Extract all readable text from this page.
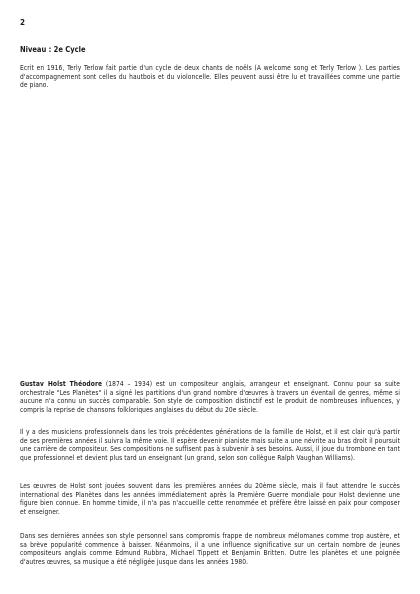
2
Niveau : 2e Cycle

Ecrit en 1916, Terly Terlow fait partie d'un cycle de deux chants de noëls (A welcome song et Terly Terlow ). Les parties d'accompagnement sont celles du hautbois et du violoncelle. Elles peuvent aussi être lu et travaillées comme une partie de piano.

Gustav Holst Théodore (1874 – 1934) est un compositeur anglais, arrangeur et enseignant. Connu pour sa suite orchestrale "Les Planètes" il a signé les partitions d'un grand nombre d'œuvres à travers un éventail de genres, même si aucune n'a connu un succès comparable. Son style de composition distinctif est le produit de nombreuses influences, y compris la reprise de chansons folkloriques anglaises du début du 20e siècle.

Il y a des musiciens professionnels dans les trois précédentes générations de la famille de Holst, et il est clair qu'à partir de ses premières années il suivra la même voie. Il espère devenir pianiste mais suite a une névrite au bras droit il poursuit une carrière de compositeur. Ses compositions ne suffisent pas à subvenir à ses besoins. Aussi, il joue du trombone en tant que professionnel et devient plus tard un enseignant (un grand, selon son collègue Ralph Vaughan Williams).

Les œuvres de Holst sont jouées souvent dans les premières années du 20ème siècle, mais il faut attendre le succès international des Planètes dans les années immédiatement après la Première Guerre mondiale pour Holst devienne une figure bien connue. En homme timide, il n'a pas n'accueille cette renommée et préfère être laissé en paix pour composer et enseigner.

Dans ses dernières années son style personnel sans compromis frappe de nombreux mélomanes comme trop austère, et sa brève popularité commence à baisser. Néanmoins, il a une influence significative sur un certain nombre de jeunes compositeurs anglais comme Edmund Rubbra, Michael Tippett et Benjamin Britten. Outre les planètes et une poignée d'autres œuvres, sa musique a été négligée jusque dans les années 1980.
